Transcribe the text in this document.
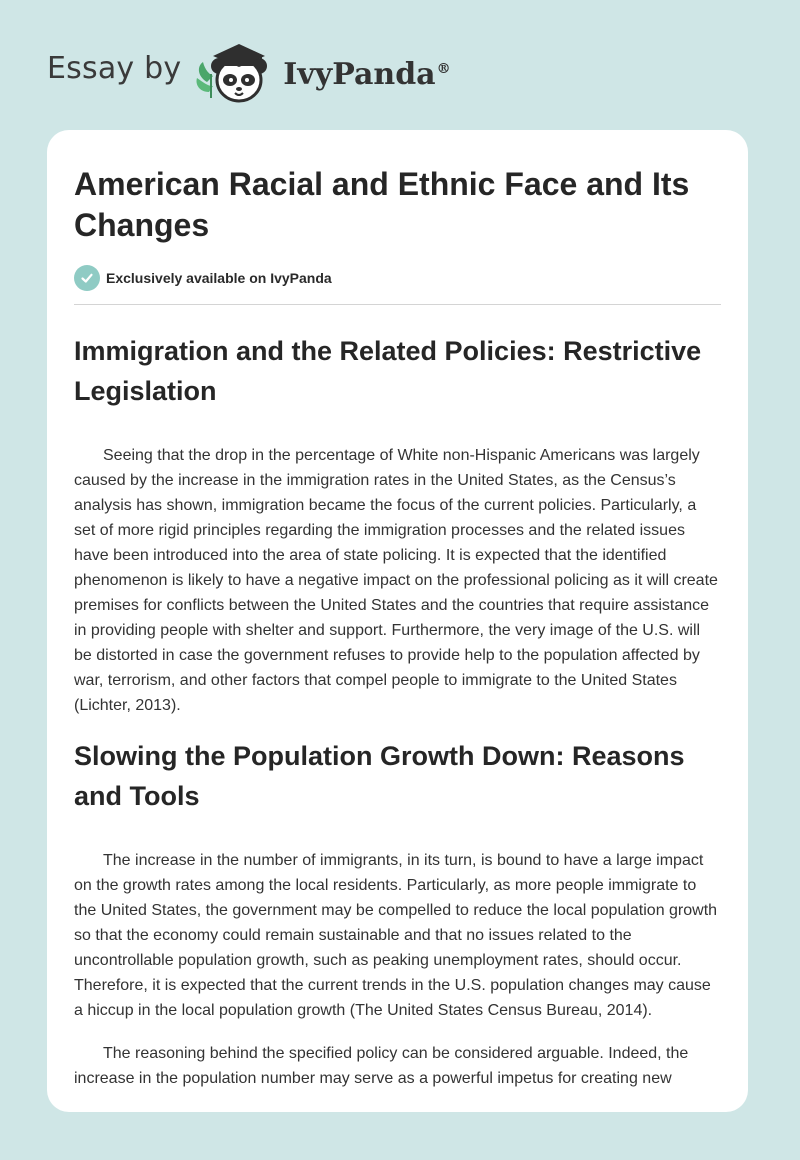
Essay by	IvyPanda®
American Racial and Ethnic Face and Its Changes
Exclusively available on IvyPanda
Immigration and the Related Policies: Restrictive Legislation

Seeing that the drop in the percentage of White non-Hispanic Americans was largely caused by the increase in the immigration rates in the United States, as the Census’s analysis has shown, immigration became the focus of the current policies. Particularly, a set of more rigid principles regarding the immigration processes and the related issues have been introduced into the area of state policing. It is expected that the identified phenomenon is likely to have a negative impact on the professional policing as it will create premises for conflicts between the United States and the countries that require assistance in providing people with shelter and support. Furthermore, the very image of the U.S. will be distorted in case the government refuses to provide help to the population affected by war, terrorism, and other factors that compel people to immigrate to the United States (Lichter, 2013).

Slowing the Population Growth Down: Reasons and Tools

The increase in the number of immigrants, in its turn, is bound to have a large impact on the growth rates among the local residents. Particularly, as more people immigrate to the United States, the government may be compelled to reduce the local population growth so that the economy could remain sustainable and that no issues related to the uncontrollable population growth, such as peaking unemployment rates, should occur. Therefore, it is expected that the current trends in the U.S. population changes may cause a hiccup in the local population growth (The United States Census Bureau, 2014).

The reasoning behind the specified policy can be considered arguable. Indeed, the increase in the population number may serve as a powerful impetus for creating new
